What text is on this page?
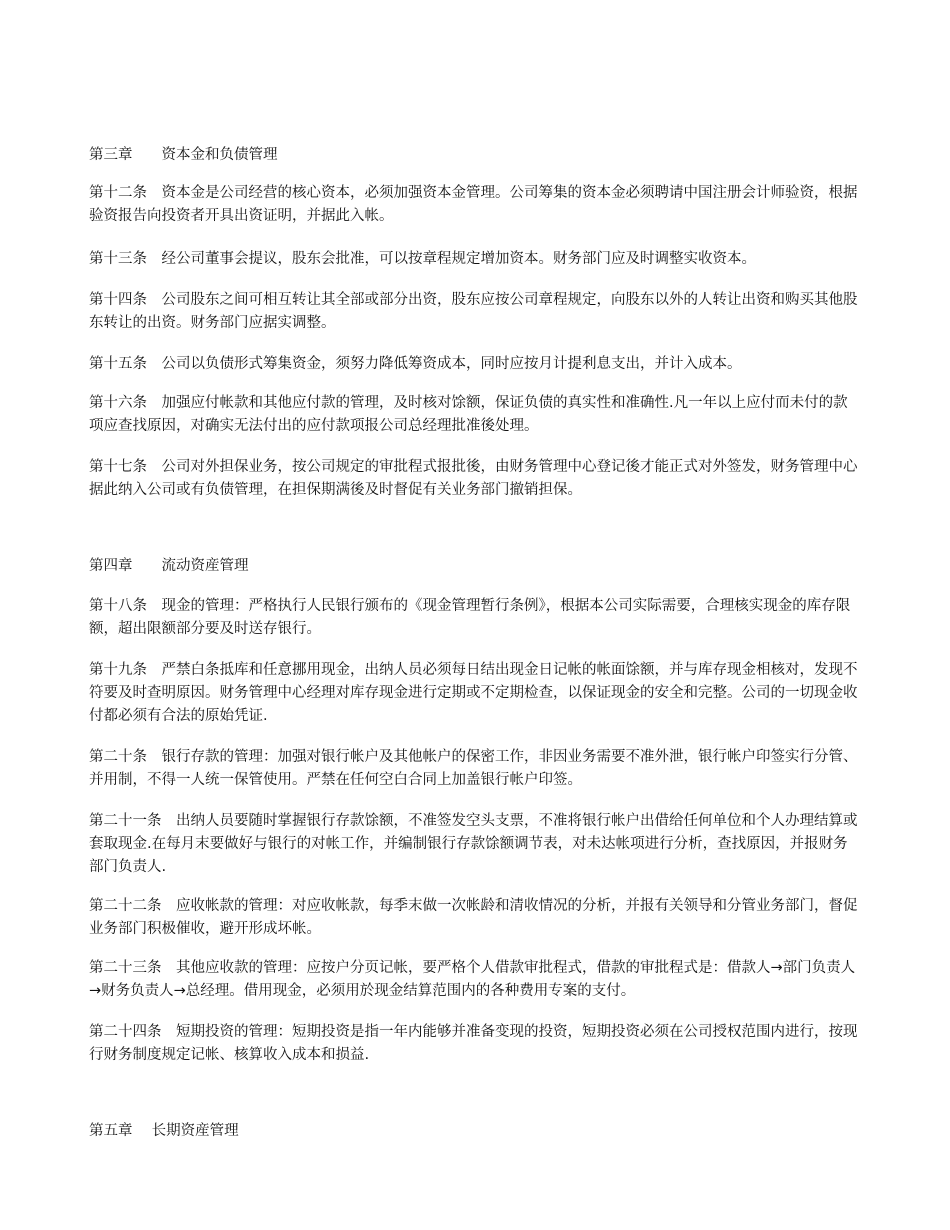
第三章　　资本金和负债管理

第十二条　资本金是公司经营的核心资本，必须加强资本金管理。公司筹集的资本金必须聘请中国注册会计师验资，根据验资报告向投资者开具出资证明，并据此入帐。

第十三条　经公司董事会提议，股东会批准，可以按章程规定增加资本。财务部门应及时调整实收资本。

第十四条　公司股东之间可相互转让其全部或部分出资，股东应按公司章程规定，向股东以外的人转让出资和购买其他股东转让的出资。财务部门应据实调整。

第十五条　公司以负债形式筹集资金，须努力降低筹资成本，同时应按月计提利息支出，并计入成本。

第十六条　加强应付帐款和其他应付款的管理，及时核对馀额，保证负债的真实性和准确性.凡一年以上应付而未付的款项应查找原因，对确实无法付出的应付款项报公司总经理批准後处理。

第十七条　公司对外担保业务，按公司规定的审批程式报批後，由财务管理中心登记後才能正式对外签发，财务管理中心据此纳入公司或有负债管理，在担保期满後及时督促有关业务部门撤销担保。

第四章　　流动资産管理

第十八条　现金的管理：严格执行人民银行颁布的《现金管理暂行条例》，根据本公司实际需要，合理核实现金的库存限额，超出限额部分要及时送存银行。

第十九条　严禁白条抵库和任意挪用现金，出纳人员必须每日结出现金日记帐的帐面馀额，并与库存现金相核对，发现不符要及时查明原因。财务管理中心经理对库存现金进行定期或不定期检查，以保证现金的安全和完整。公司的一切现金收付都必须有合法的原始凭证.

第二十条　银行存款的管理：加强对银行帐户及其他帐户的保密工作，非因业务需要不准外泄，银行帐户印签实行分管、并用制，不得一人统一保管使用。严禁在任何空白合同上加盖银行帐户印签。

第二十一条　出纳人员要随时掌握银行存款馀额，不准签发空头支票，不准将银行帐户出借给任何单位和个人办理结算或套取现金.在每月末要做好与银行的对帐工作，并编制银行存款馀额调节表，对未达帐项进行分析，查找原因，并报财务部门负责人.

第二十二条　应收帐款的管理：对应收帐款，每季末做一次帐龄和清收情况的分析，并报有关领导和分管业务部门，督促业务部门积极催收，避开形成坏帐。

第二十三条　其他应收款的管理：应按户分页记帐，要严格个人借款审批程式，借款的审批程式是：借款人→部门负责人→财务负责人→总经理。借用现金，必须用於现金结算范围内的各种费用专案的支付。

第二十四条　短期投资的管理：短期投资是指一年内能够并准备变现的投资，短期投资必须在公司授权范围内进行，按现行财务制度规定记帐、核算收入成本和损益.

第五章　 长期资産管理
